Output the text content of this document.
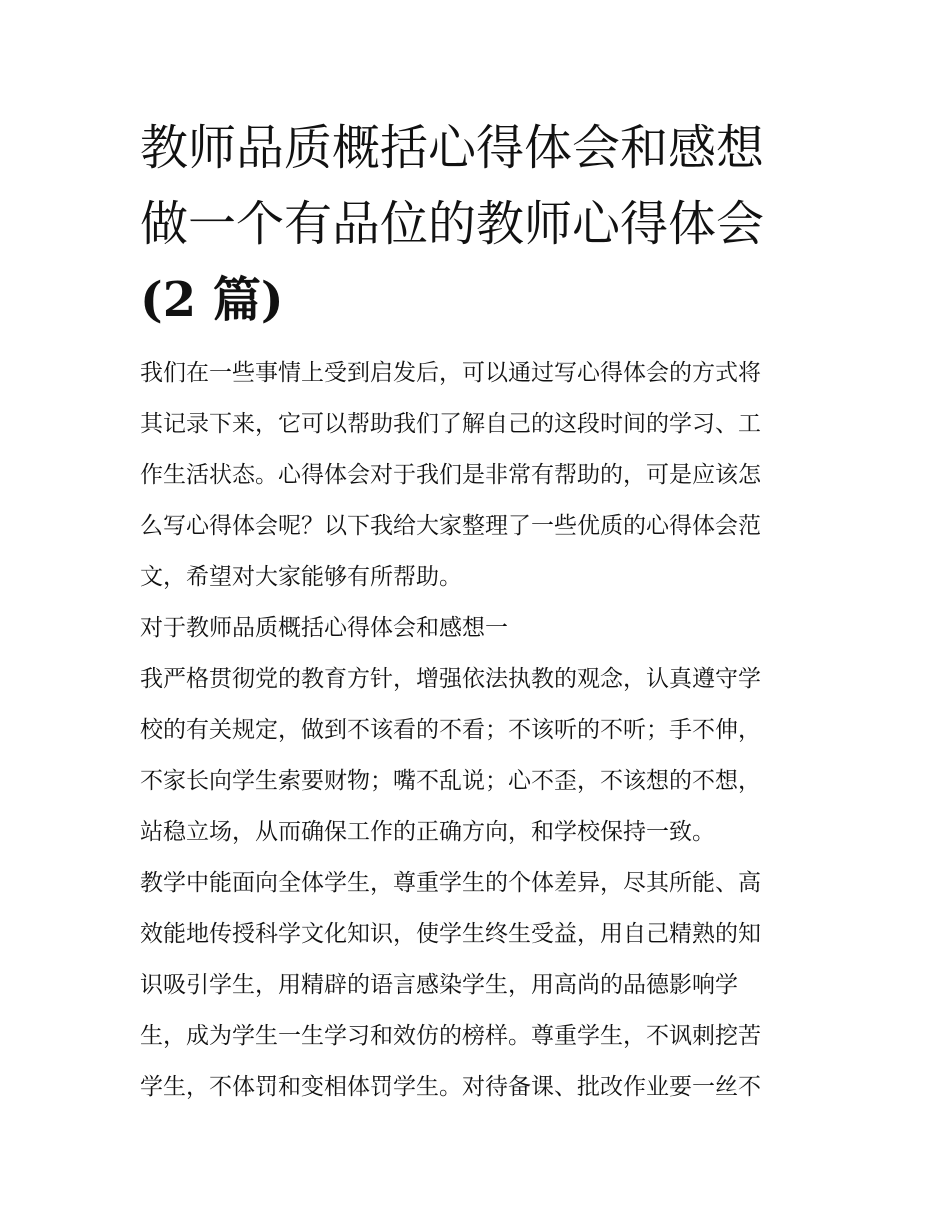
教师品质概括心得体会和感想
做一个有品位的教师心得体会
(2 篇)
我们在一些事情上受到启发后，可以通过写心得体会的方式将
其记录下来，它可以帮助我们了解自己的这段时间的学习、工
作生活状态。心得体会对于我们是非常有帮助的，可是应该怎
么写心得体会呢？以下我给大家整理了一些优质的心得体会范
文，希望对大家能够有所帮助。
对于教师品质概括心得体会和感想一
我严格贯彻党的教育方针，增强依法执教的观念，认真遵守学
校的有关规定，做到不该看的不看；不该听的不听；手不伸，
不家长向学生索要财物；嘴不乱说；心不歪，不该想的不想，
站稳立场，从而确保工作的正确方向，和学校保持一致。
教学中能面向全体学生，尊重学生的个体差异，尽其所能、高
效能地传授科学文化知识，使学生终生受益，用自己精熟的知
识吸引学生，用精辟的语言感染学生，用高尚的品德影响学
生，成为学生一生学习和效仿的榜样。尊重学生，不讽刺挖苦
学生，不体罚和变相体罚学生。对待备课、批改作业要一丝不
